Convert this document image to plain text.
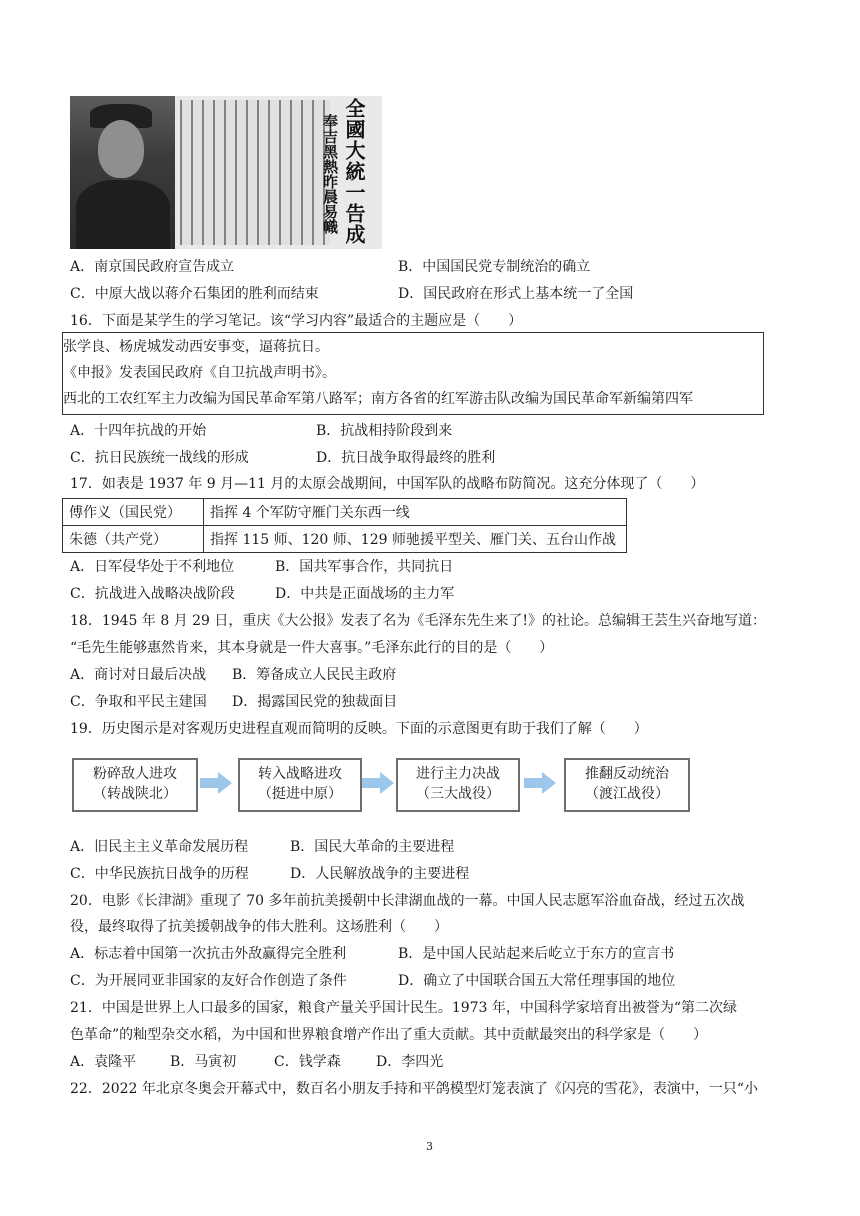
全國大統一告成
奉吉黑熱昨晨易幟
A．南京国民政府宣告成立	B．中国国民党专制统治的确立
C．中原大战以蒋介石集团的胜利而结束	D．国民政府在形式上基本统一了全国
16．下面是某学生的学习笔记。该“学习内容”最适合的主题应是（　　）
张学良、杨虎城发动西安事变，逼蒋抗日。
《申报》发表国民政府《自卫抗战声明书》。
西北的工农红军主力改编为国民革命军第八路军；南方各省的红军游击队改编为国民革命军新编第四军
A．十四年抗战的开始	B．抗战相持阶段到来
C．抗日民族统一战线的形成	D．抗日战争取得最终的胜利
17．如表是 1937 年 9 月—11 月的太原会战期间，中国军队的战略布防简况。这充分体现了（　　）
傅作义（国民党）	指挥 4 个军防守雁门关东西一线
朱德（共产党）	指挥 115 师、120 师、129 师驰援平型关、雁门关、五台山作战
A．日军侵华处于不利地位	B．国共军事合作，共同抗日
C．抗战进入战略决战阶段	D．中共是正面战场的主力军
18．1945 年 8 月 29 日，重庆《大公报》发表了名为《毛泽东先生来了!》的社论。总编辑王芸生兴奋地写道：
“毛先生能够惠然肯来，其本身就是一件大喜事。”毛泽东此行的目的是（　　）
A．商讨对日最后决战 B．筹备成立人民民主政府
C．争取和平民主建国 D．揭露国民党的独裁面目
19．历史图示是对客观历史进程直观而简明的反映。下面的示意图更有助于我们了解（　　）
粉碎敌人进攻
（转战陕北）
转入战略进攻
（挺进中原）
进行主力决战
（三大战役）
推翻反动统治
（渡江战役）
A．旧民主主义革命发展历程	B．国民大革命的主要进程
C．中华民族抗日战争的历程	D．人民解放战争的主要进程
20．电影《长津湖》重现了 70 多年前抗美援朝中长津湖血战的一幕。中国人民志愿军浴血奋战，经过五次战
役，最终取得了抗美援朝战争的伟大胜利。这场胜利（　　）
A．标志着中国第一次抗击外敌赢得完全胜利	B．是中国人民站起来后屹立于东方的宣言书
C．为开展同亚非国家的友好合作创造了条件	D．确立了中国联合国五大常任理事国的地位
21．中国是世界上人口最多的国家，粮食产量关乎国计民生。1973 年，中国科学家培育出被誉为“第二次绿
色革命”的籼型杂交水稻，为中国和世界粮食增产作出了重大贡献。其中贡献最突出的科学家是（　　）
A．袁隆平 B．马寅初	C．钱学森	D．李四光
22．2022 年北京冬奥会开幕式中，数百名小朋友手持和平鸽模型灯笼表演了《闪亮的雪花》，表演中，一只“小
3
